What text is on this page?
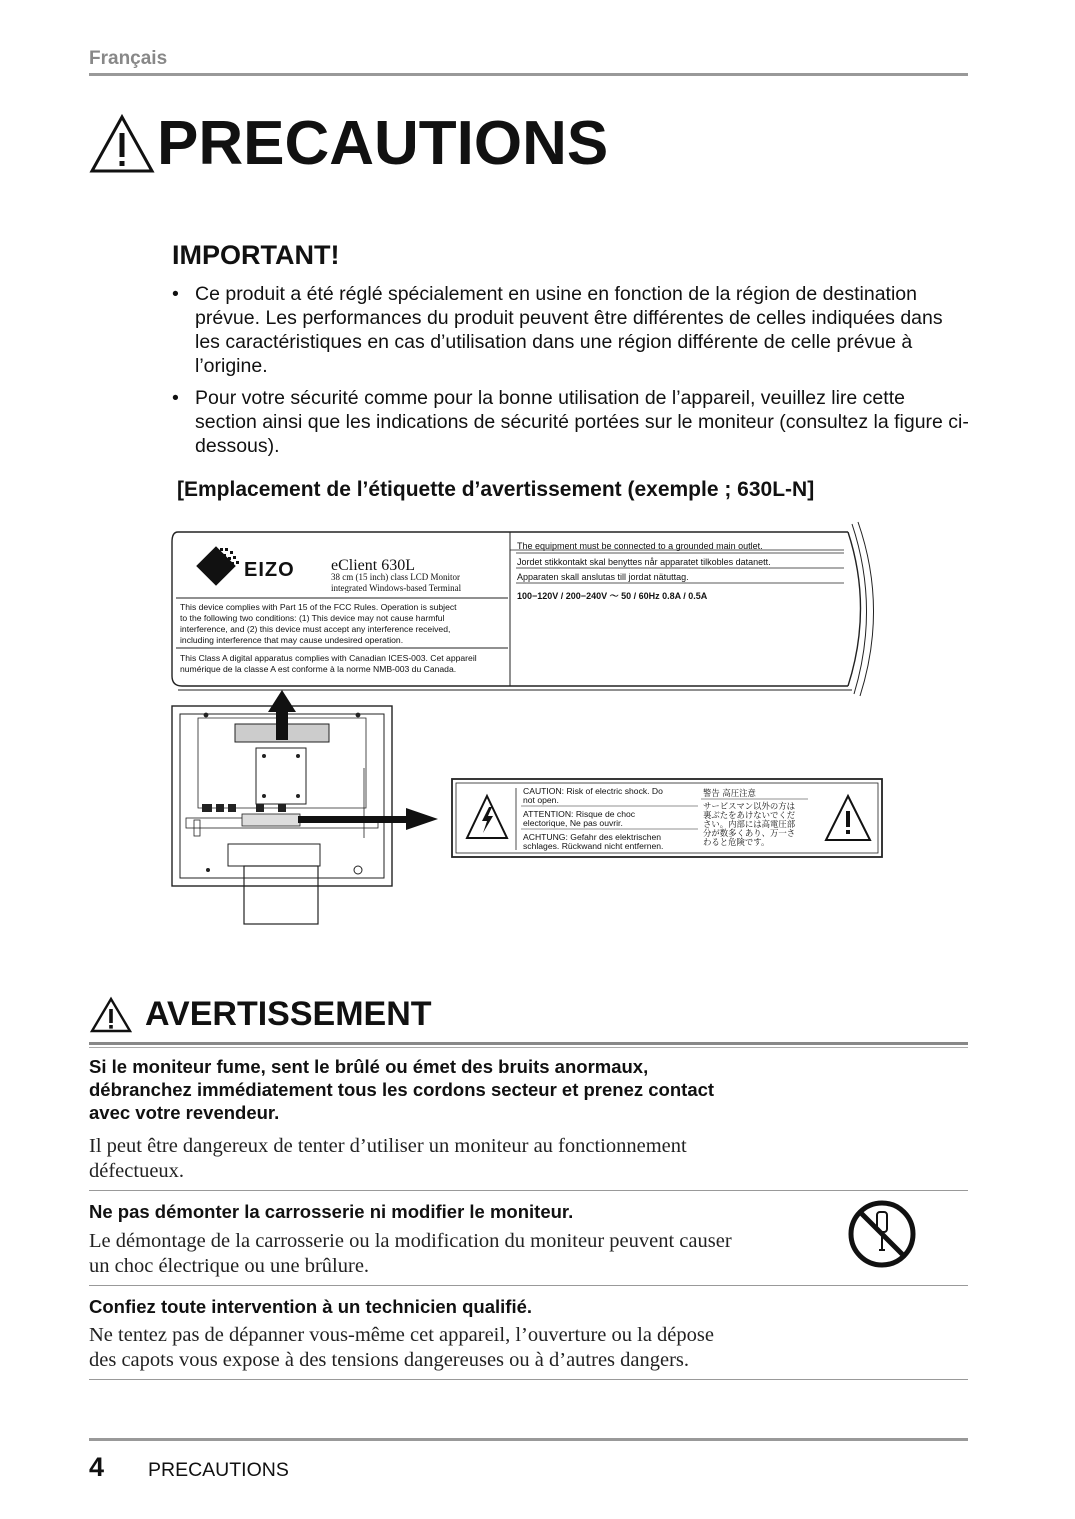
Français
PRECAUTIONS
IMPORTANT!
• Ce produit a été réglé spécialement en usine en fonction de la région de destination prévue. Les performances du produit peuvent être différentes de celles indiquées dans les caractéristiques en cas d’utilisation dans une région différente de celle prévue à l’origine.
• Pour votre sécurité comme pour la bonne utilisation de l’appareil, veuillez lire cette section ainsi que les indications de sécurité portées sur le moniteur (consultez la figure ci-dessous).
[Emplacement de l’étiquette d’avertissement (exemple ; 630L-N]
EIZO eClient 630L
38 cm (15 inch) class LCD Monitor
integrated Windows-based Terminal
This device complies with Part 15 of the FCC Rules. Operation is subject
to the following two conditions: (1) This device may not cause harmful
interference, and (2) this device must accept any interference received,
including interference that may cause undesired operation.
This Class A digital apparatus complies with Canadian ICES-003. Cet appareil
numérique de la classe A est conforme à la norme NMB-003 du Canada.
The equipment must be connected to a grounded main outlet.
Jordet stikkontakt skal benyttes når apparatet tilkobles datanett.
Apparaten skall anslutas till jordat nätuttag.
100−120V / 200−240V ～ 50 / 60Hz 0.8A / 0.5A
CAUTION: Risk of electric shock. Do
not open.
ATTENTION: Risque de choc
electorique, Ne pas ouvrir.
ACHTUNG: Gefahr des elektrischen
schlages. Rückwand nicht entfernen.
警告 高圧注意
サービスマン以外の方は
裏ぶたをあけないでくだ
さい。内部には高電圧部
分が数多くあり、万一さ
わると危険です。
AVERTISSEMENT
Si le moniteur fume, sent le brûlé ou émet des bruits anormaux,
débranchez immédiatement tous les cordons secteur et prenez contact
avec votre revendeur.
Il peut être dangereux de tenter d’utiliser un moniteur au fonctionnement
défectueux.
Ne pas démonter la carrosserie ni modifier le moniteur.
Le démontage de la carrosserie ou la modification du moniteur peuvent causer
un choc électrique ou une brûlure.
Confiez toute intervention à un technicien qualifié.
Ne tentez pas de dépanner vous-même cet appareil, l’ouverture ou la dépose
des capots vous expose à des tensions dangereuses ou à d’autres dangers.
4 PRECAUTIONS
